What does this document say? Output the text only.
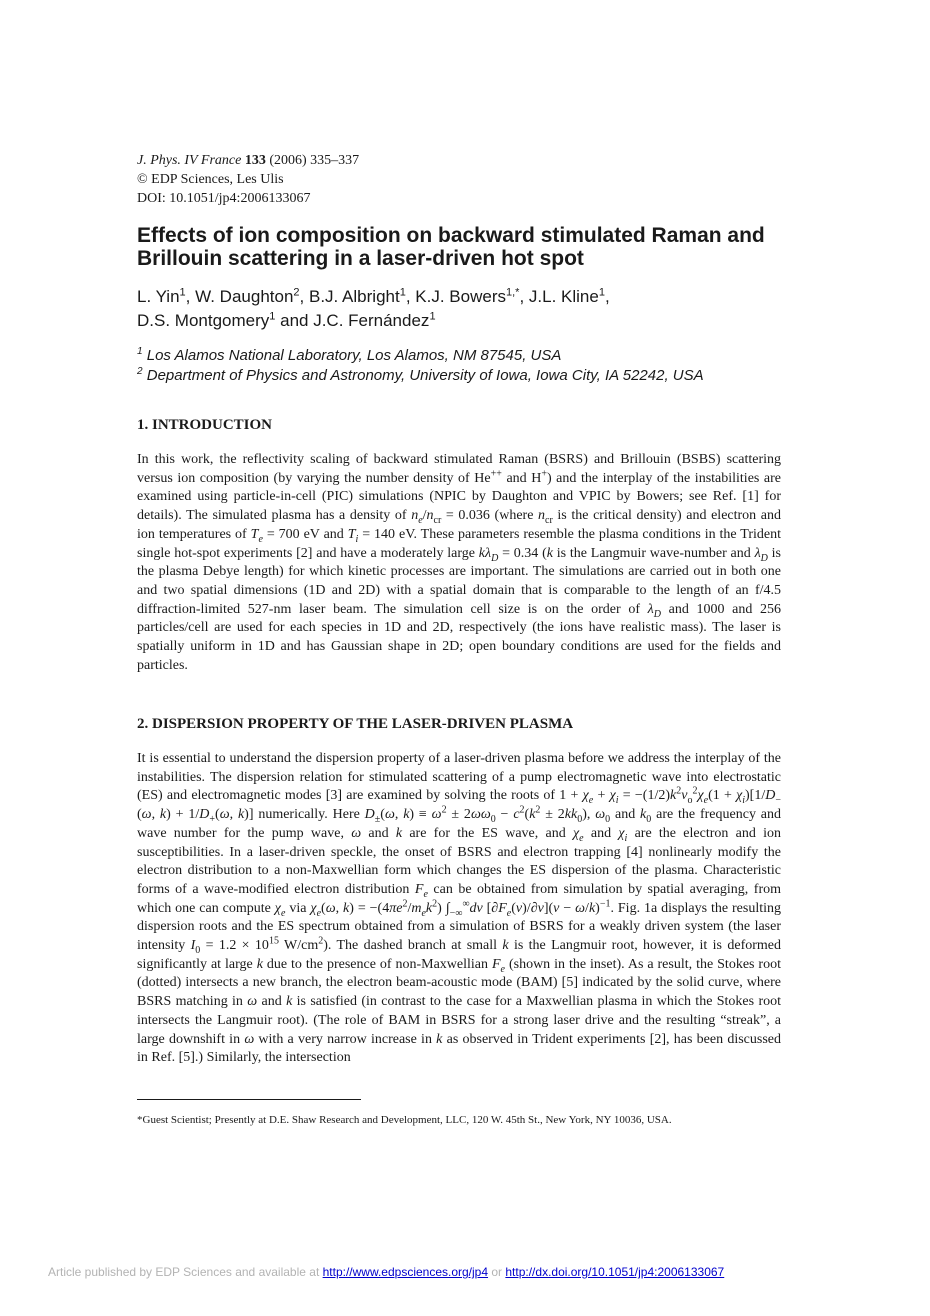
J. Phys. IV France 133 (2006) 335–337
© EDP Sciences, Les Ulis
DOI: 10.1051/jp4:2006133067
Effects of ion composition on backward stimulated Raman and Brillouin scattering in a laser-driven hot spot
L. Yin$^1$, W. Daughton$^2$, B.J. Albright$^1$, K.J. Bowers$^{1,*}$, J.L. Kline$^1$,
D.S. Montgomery$^1$ and J.C. Fernández$^1$
$^1$ Los Alamos National Laboratory, Los Alamos, NM 87545, USA
$^2$ Department of Physics and Astronomy, University of Iowa, Iowa City, IA 52242, USA
1. INTRODUCTION

In this work, the reflectivity scaling of backward stimulated Raman (BSRS) and Brillouin (BSBS) scattering versus ion composition (by varying the number density of He++ and H+) and the interplay of the instabilities are examined using particle-in-cell (PIC) simulations (NPIC by Daughton and VPIC by Bowers; see Ref. [1] for details). The simulated plasma has a density of $n_e/n_{cr} = 0.036$ (where $n_{cr}$ is the critical density) and electron and ion temperatures of $T_e = 700$ eV and $T_i = 140$ eV. These parameters resemble the plasma conditions in the Trident single hot-spot experiments [2] and have a moderately large $k\lambda_D = 0.34$ (k is the Langmuir wave-number and $\lambda_D$ is the plasma Debye length) for which kinetic processes are important. The simulations are carried out in both one and two spatial dimensions (1D and 2D) with a spatial domain that is comparable to the length of an f/4.5 diffraction-limited 527-nm laser beam. The simulation cell size is on the order of $\lambda_D$ and 1000 and 256 particles/cell are used for each species in 1D and 2D, respectively (the ions have realistic mass). The laser is spatially uniform in 1D and has Gaussian shape in 2D; open boundary conditions are used for the fields and particles.

2. DISPERSION PROPERTY OF THE LASER-DRIVEN PLASMA

It is essential to understand the dispersion property of a laser-driven plasma before we address the interplay of the instabilities. The dispersion relation for stimulated scattering of a pump electromagnetic wave into electrostatic (ES) and electromagnetic modes [3] are examined by solving the roots of $1 + \chi_e + \chi_i = -(1/2)k^2v_o^2\chi_e(1 + \chi_i)[1/D_-(\omega$, $k) + 1/D_+(\omega$, k)] numerically. Here $D_\pm(\omega$, $k) \equiv \omega^2 \pm 2\omega\omega_0 - c^2(k^2 \pm 2kk_0)$, $\omega_0$ and $k_0$ are the frequency and wave number for the pump wave, ω and k are for the ES wave, and $\chi_e$ and $\chi_i$ are the electron and ion susceptibilities. In a laser-driven speckle, the onset of BSRS and electron trapping [4] nonlinearly modify the electron distribution to a non-Maxwellian form which changes the ES dispersion of the plasma. Characteristic forms of a wave-modified electron distribution $F_e$ can be obtained from simulation by spatial averaging, from which one can compute $\chi_e$ via $\chi_e(\omega$, $k) = -(4\pi e^2/m_ek^2)$ $\int_{-\infty}^\infty dv$ $[\partial F_e(v)/\partial v](v - \omega/k)^{-1}$. Fig. 1a displays the resulting dispersion roots and the ES spectrum obtained from a simulation of BSRS for a weakly driven system (the laser intensity $I_0 = 1.2 \times 10^{15}$ $W/cm^2$). The dashed branch at small k is the Langmuir root, however, it is deformed significantly at large k due to the presence of non-Maxwellian $F_e$ (shown in the inset). As a result, the Stokes root (dotted) intersects a new branch, the electron beam-acoustic mode (BAM) [5] indicated by the solid curve, where BSRS matching in ω and k is satisfied (in contrast to the case for a Maxwellian plasma in which the Stokes root intersects the Langmuir root). (The role of BAM in BSRS for a strong laser drive and the resulting “streak”, a large downshift in ω with a very narrow increase in k as observed in Trident experiments [2], has been discussed in Ref. [5].) Similarly, the intersection

*Guest Scientist; Presently at D.E. Shaw Research and Development, LLC, 120 W. 45th St., New York, NY 10036, USA.
Article published by EDP Sciences and available at http://www.edpsciences.org/jp4 or http://dx.doi.org/10.1051/jp4:2006133067
